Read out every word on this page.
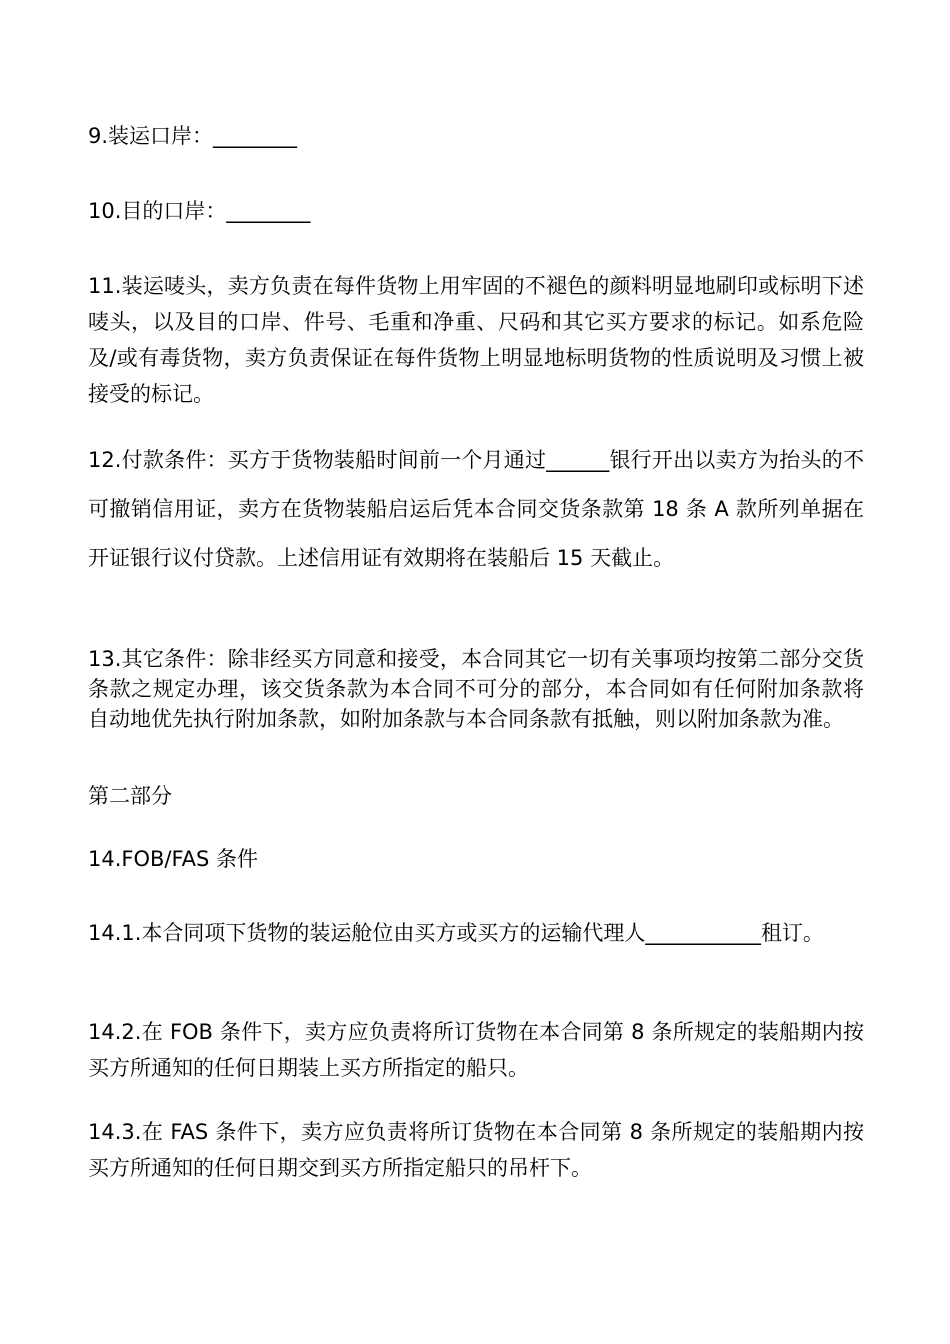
9.装运口岸：________

10.目的口岸：________

11.装运唛头，卖方负责在每件货物上用牢固的不褪色的颜料明显地刷印或标明下述唛头，以及目的口岸、件号、毛重和净重、尺码和其它买方要求的标记。如系危险及/或有毒货物，卖方负责保证在每件货物上明显地标明货物的性质说明及习惯上被接受的标记。

12.付款条件：买方于货物装船时间前一个月通过______银行开出以卖方为抬头的不可撤销信用证，卖方在货物装船启运后凭本合同交货条款第 18 条 A 款所列单据在开证银行议付贷款。上述信用证有效期将在装船后 15 天截止。

13.其它条件：除非经买方同意和接受，本合同其它一切有关事项均按第二部分交货条款之规定办理，该交货条款为本合同不可分的部分，本合同如有任何附加条款将自动地优先执行附加条款，如附加条款与本合同条款有抵触，则以附加条款为准。

第二部分

14.FOB/FAS 条件

14.1.本合同项下货物的装运舱位由买方或买方的运输代理人___________租订。

14.2.在 FOB 条件下，卖方应负责将所订货物在本合同第 8 条所规定的装船期内按买方所通知的任何日期装上买方所指定的船只。

14.3.在 FAS 条件下，卖方应负责将所订货物在本合同第 8 条所规定的装船期内按买方所通知的任何日期交到买方所指定船只的吊杆下。
